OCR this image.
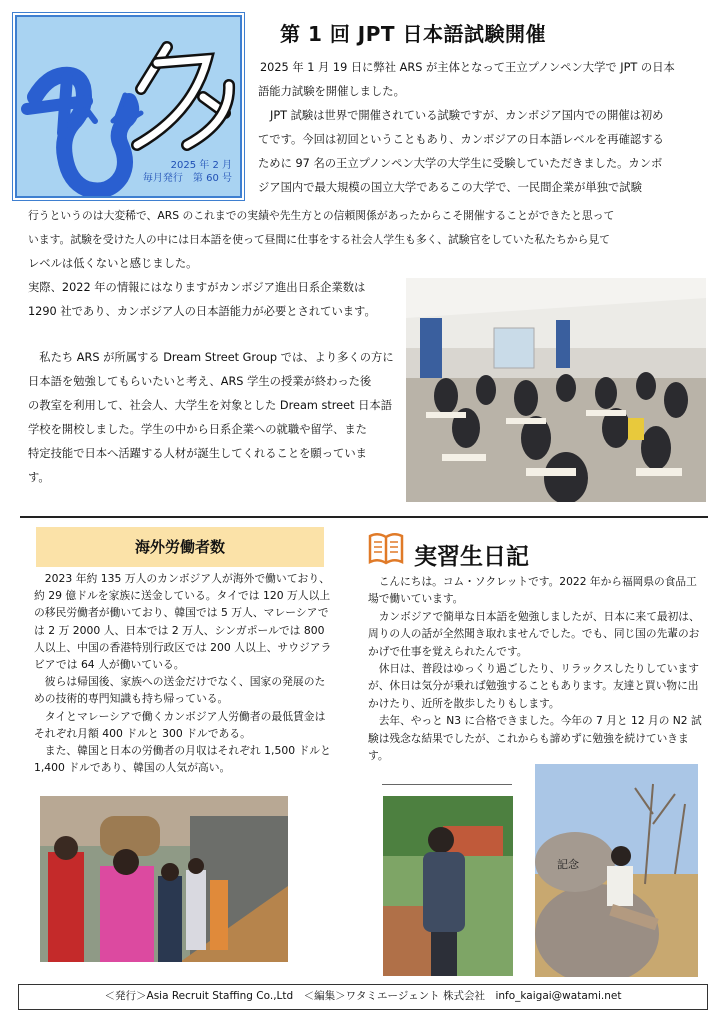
2025 年 2 月
毎月発行　第 60 号
第 1 回 JPT 日本語試験開催

2025 年 1 月 19 日に弊社 ARS が主体となって王立プノンペン大学で JPT の日本

語能力試験を開催しました。

JPT 試験は世界で開催されている試験ですが、カンボジア国内での開催は初め

てです。今回は初回ということもあり、カンボジアの日本語レベルを再確認する

ために 97 名の王立プノンペン大学の大学生に受験していただきました。カンボ

ジア国内で最大規模の国立大学であるこの大学で、一民間企業が単独で試験

行うというのは大変稀で、ARS のこれまでの実績や先生方との信頼関係があったからこそ開催することができたと思って

います。試験を受けた人の中には日本語を使って昼間に仕事をする社会人学生も多く、試験官をしていた私たちから見て

レベルは低くないと感じました。

実際、2022 年の情報にはなりますがカンボジア進出日系企業数は

1290 社であり、カンボジア人の日本語能力が必要とされています。

私たち ARS が所属する Dream Street Group では、より多くの方に

日本語を勉強してもらいたいと考え、ARS 学生の授業が終わった後

の教室を利用して、社会人、大学生を対象とした Dream street 日本語

学校を開校しました。学生の中から日系企業への就職や留学、また

特定技能で日本へ活躍する人材が誕生してくれることを願っていま

す。

海外労働者数

2023 年約 135 万人のカンボジア人が海外で働いており、約 29 億ドルを家族に送金している。タイでは 120 万人以上の移民労働者が働いており、韓国では 5 万人、マレーシアでは 2 万 2000 人、日本では 2 万人、シンガポールでは 800 人以上、中国の香港特別行政区では 200 人以上、サウジアラビアでは 64 人が働いている。

彼らは帰国後、家族への送金だけでなく、国家の発展のための技術的専門知識も持ち帰っている。

タイとマレーシアで働くカンボジア人労働者の最低賃金はそれぞれ月額 400 ドルと 300 ドルである。

また、韓国と日本の労働者の月収はそれぞれ 1,500 ドルと 1,400 ドルであり、韓国の人気が高い。

実習生日記

こんにちは。コム・ソクレットです。2022 年から福岡県の食品工場で働いています。

カンボジアで簡単な日本語を勉強しましたが、日本に来て最初は、周りの人の話が全然聞き取れませんでした。でも、同じ国の先輩のおかげで仕事を覚えられたんです。

休日は、普段はゆっくり過ごしたり、リラックスしたりしていますが、休日は気分が乗れば勉強することもあります。友達と買い物に出かけたり、近所を散歩したりもします。

去年、やっと N3 に合格できました。今年の 7 月と 12 月の N2 試験は残念な結果でしたが、これからも諦めずに勉強を続けていきます。

記念
＜発行＞Asia Recruit Staffing Co.,Ltd　＜編集＞ワタミエージェント 株式会社　info_kaigai@watami.net
